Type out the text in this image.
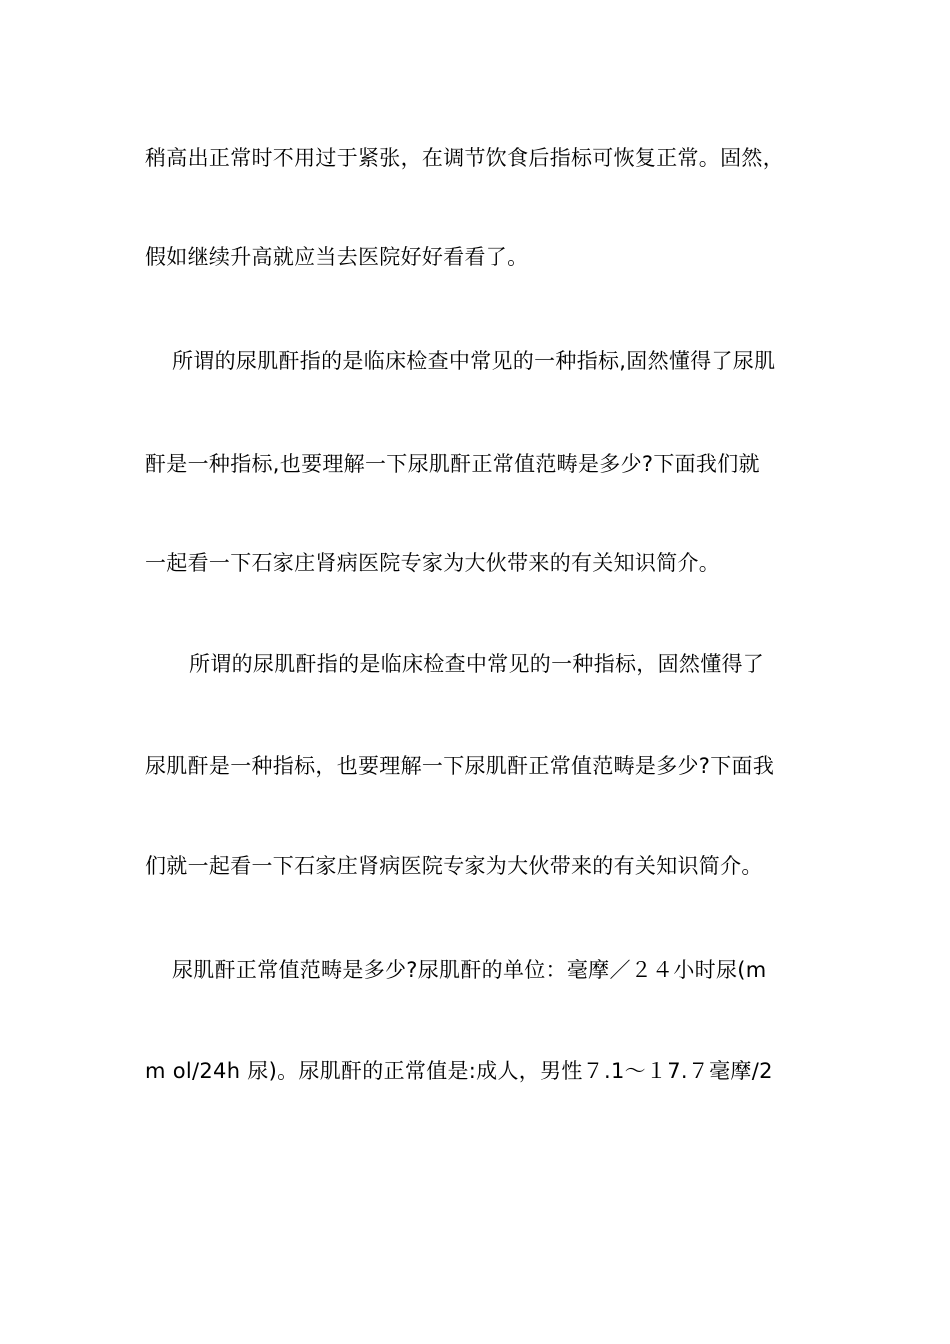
稍高出正常时不用过于紧张，在调节饮食后指标可恢复正常。固然，
假如继续升高就应当去医院好好看看了。
所谓的尿肌酐指的是临床检查中常见的一种指标,固然懂得了尿肌
酐是一种指标,也要理解一下尿肌酐正常值范畴是多少?下面我们就
一起看一下石家庄肾病医院专家为大伙带来的有关知识简介。
所谓的尿肌酐指的是临床检查中常见的一种指标，固然懂得了
尿肌酐是一种指标，也要理解一下尿肌酐正常值范畴是多少?下面我
们就一起看一下石家庄肾病医院专家为大伙带来的有关知识简介。
尿肌酐正常值范畴是多少?尿肌酐的单位：毫摩／２４小时尿(m
m ol/24h 尿)。尿肌酐的正常值是:成人，男性７.1～１7.７毫摩/2
